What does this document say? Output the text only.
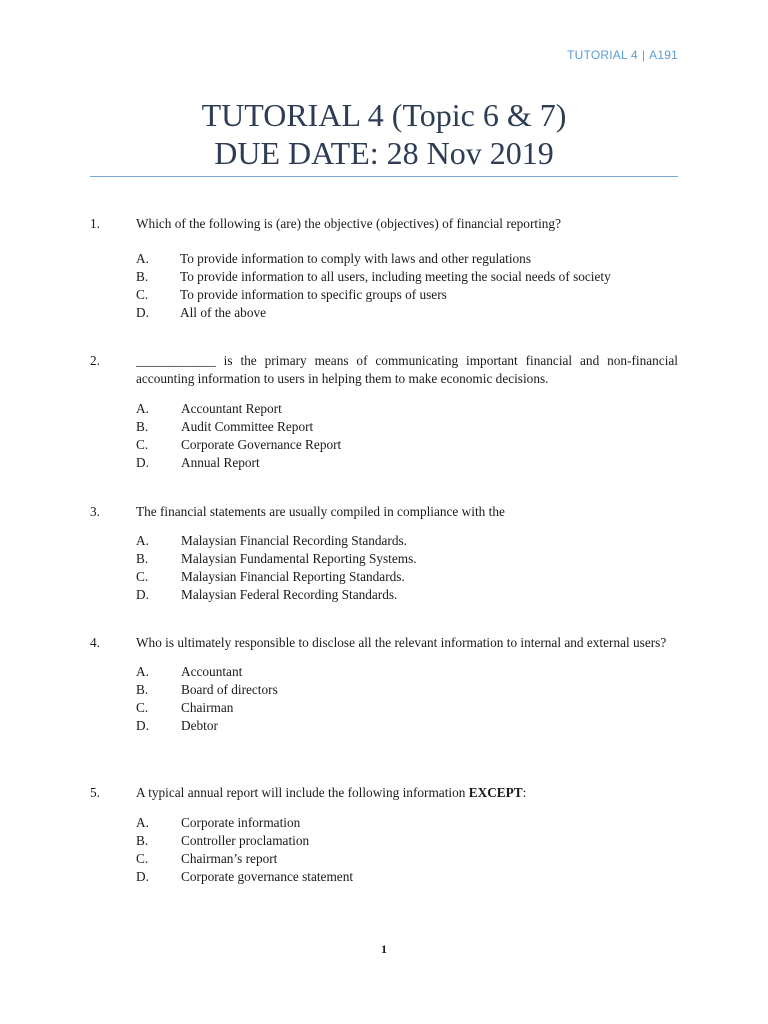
TUTORIAL 4 | A191
TUTORIAL 4 (Topic 6 & 7)
DUE DATE: 28 Nov 2019
1.	Which of the following is (are) the objective (objectives) of financial reporting?
A. To provide information to comply with laws and other regulations
B. To provide information to all users, including meeting the social needs of society
C. To provide information to specific groups of users
D. All of the above
2.	____________ is the primary means of communicating important financial and non-financial accounting information to users in helping them to make economic decisions.
A. Accountant Report
B. Audit Committee Report
C. Corporate Governance Report
D. Annual Report
3.	The financial statements are usually compiled in compliance with the
A. Malaysian Financial Recording Standards.
B. Malaysian Fundamental Reporting Systems.
C. Malaysian Financial Reporting Standards.
D. Malaysian Federal Recording Standards.
4.	Who is ultimately responsible to disclose all the relevant information to internal and external users?
A. Accountant
B. Board of directors
C. Chairman
D. Debtor
5.	A typical annual report will include the following information EXCEPT:
A. Corporate information
B. Controller proclamation
C. Chairman’s report
D. Corporate governance statement
1
